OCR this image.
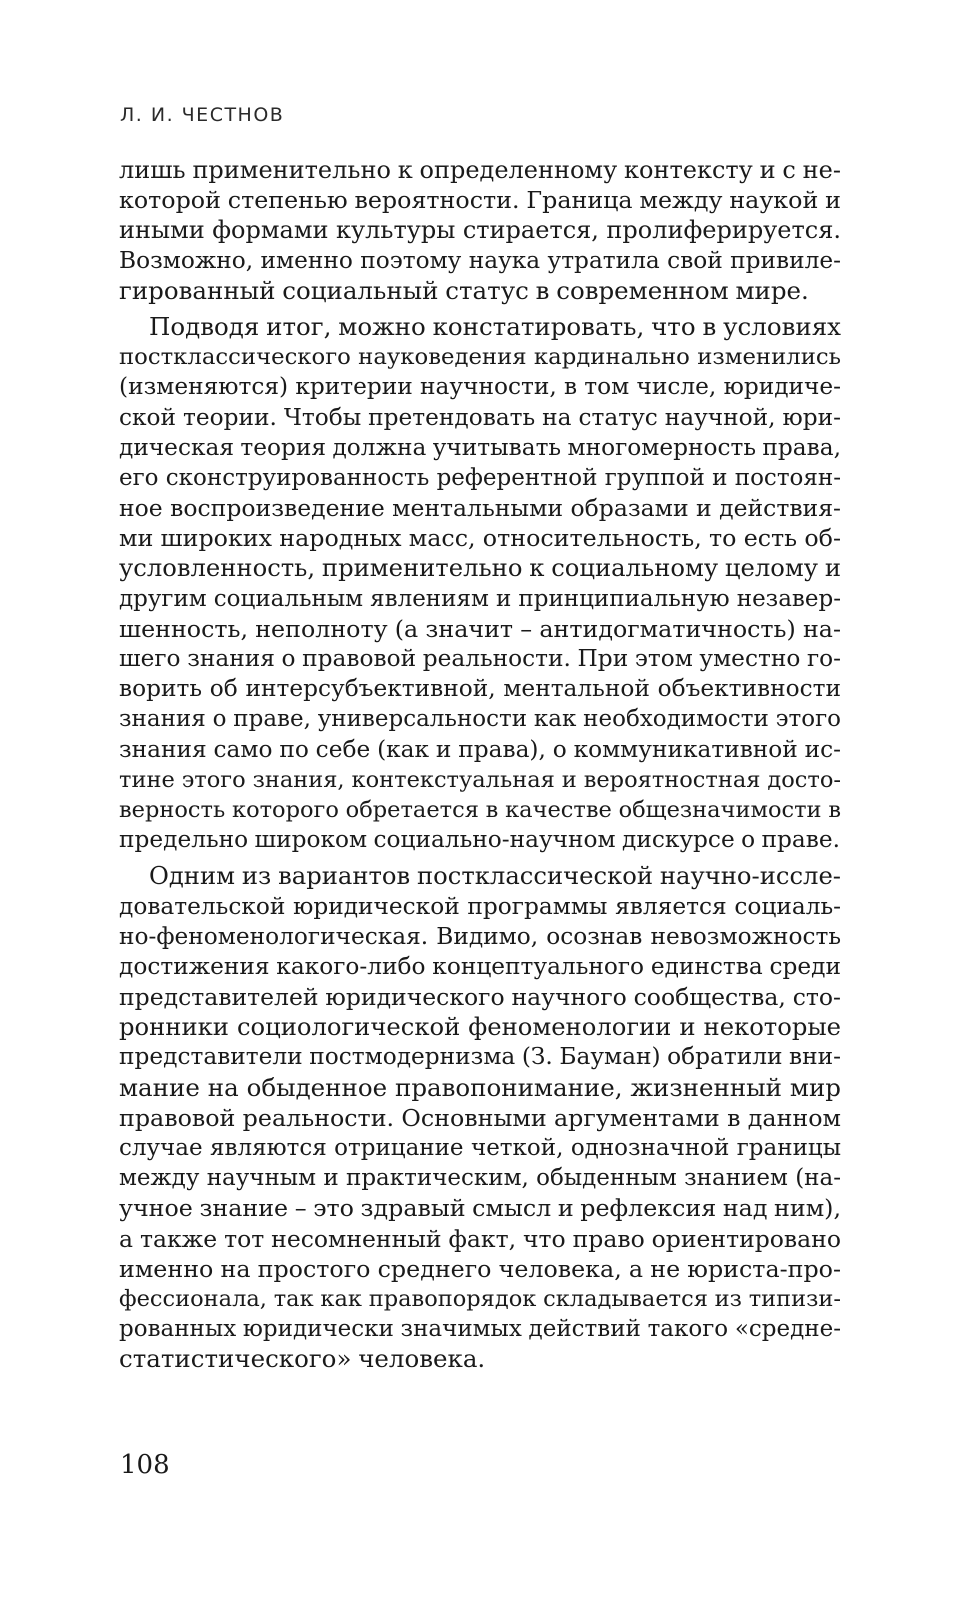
Л. И. ЧЕСТНОВ
лишь применительно к определенному контексту и с не-
которой степенью вероятности. Граница между наукой и
иными формами культуры стирается, пролиферируется.
Возможно, именно поэтому наука утратила свой привиле-
гированный социальный статус в современном мире.
Подводя итог, можно констатировать, что в условиях
постклассического науковедения кардинально изменились
(изменяются) критерии научности, в том числе, юридиче-
ской теории. Чтобы претендовать на статус научной, юри-
дическая теория должна учитывать многомерность права,
его сконструированность референтной группой и постоян-
ное воспроизведение ментальными образами и действия-
ми широких народных масс, относительность, то есть об-
условленность, применительно к социальному целому и
другим социальным явлениям и принципиальную незавер-
шенность, неполноту (а значит – антидогматичность) на-
шего знания о правовой реальности. При этом уместно го-
ворить об интерсубъективной, ментальной объективности
знания о праве, универсальности как необходимости этого
знания само по себе (как и права), о коммуникативной ис-
тине этого знания, контекстуальная и вероятностная досто-
верность которого обретается в качестве общезначимости в
предельно широком социально-научном дискурсе о праве.
Одним из вариантов постклассической научно-иссле-
довательской юридической программы является социаль-
но-феноменологическая. Видимо, осознав невозможность
достижения какого-либо концептуального единства среди
представителей юридического научного сообщества, сто-
ронники социологической феноменологии и некоторые
представители постмодернизма (З. Бауман) обратили вни-
мание на обыденное правопонимание, жизненный мир
правовой реальности. Основными аргументами в данном
случае являются отрицание четкой, однозначной границы
между научным и практическим, обыденным знанием (на-
учное знание – это здравый смысл и рефлексия над ним),
а также тот несомненный факт, что право ориентировано
именно на простого среднего человека, а не юриста-про-
фессионала, так как правопорядок складывается из типизи-
рованных юридически значимых действий такого «средне-
статистического» человека.
108
